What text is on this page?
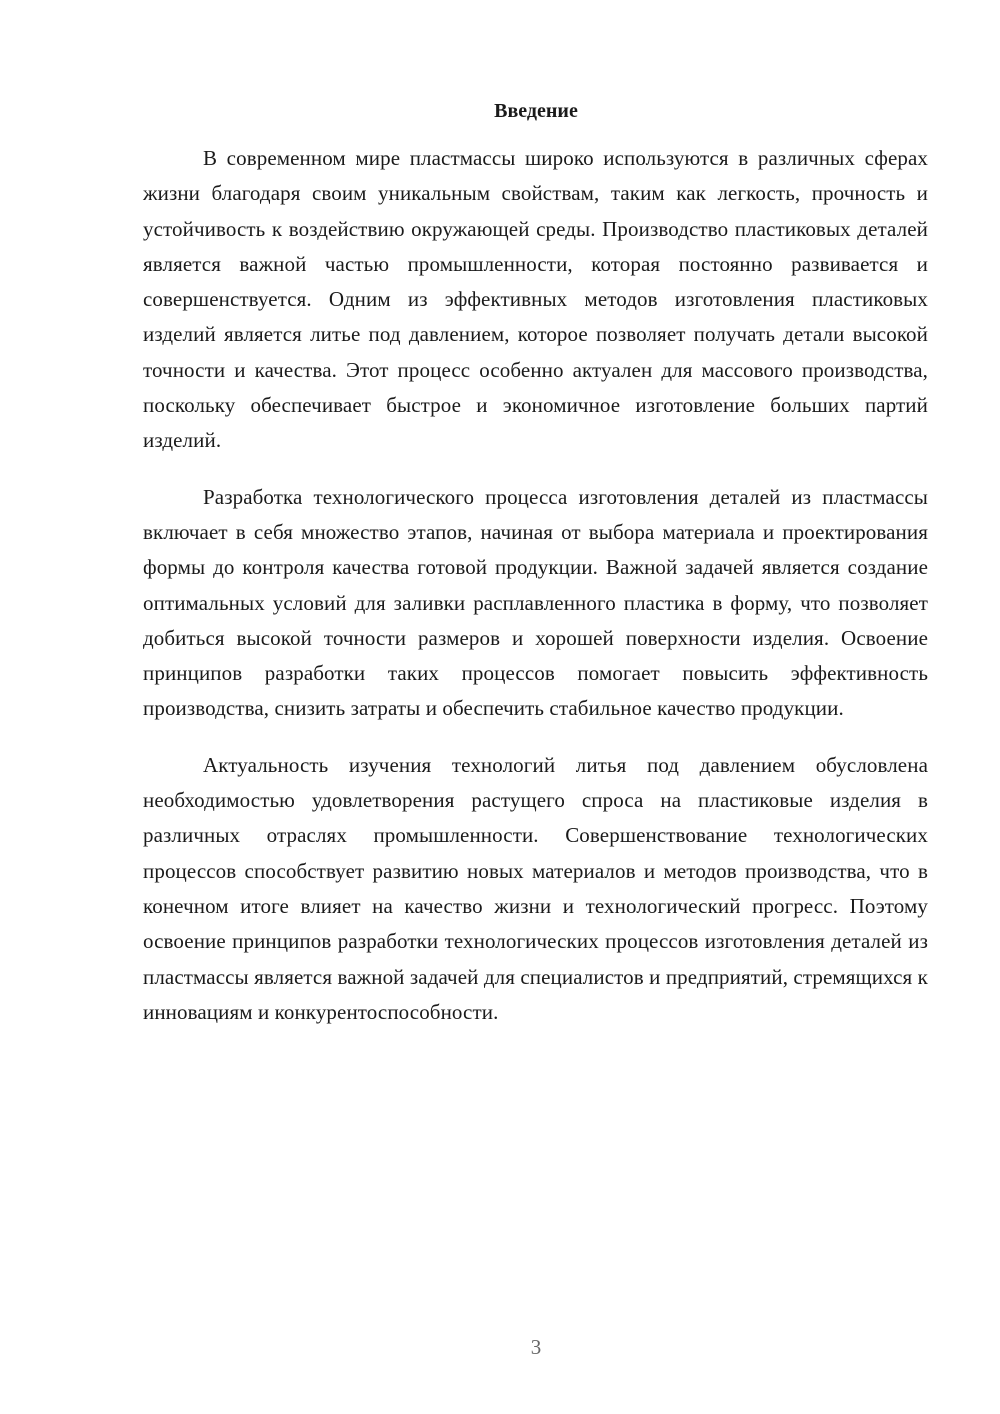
Введение

В современном мире пластмассы широко используются в различных сферах жизни благодаря своим уникальным свойствам, таким как легкость, прочность и устойчивость к воздействию окружающей среды. Производство пластиковых деталей является важной частью промышленности, которая постоянно развивается и совершенствуется. Одним из эффективных методов изготовления пластиковых изделий является литье под давлением, которое позволяет получать детали высокой точности и качества. Этот процесс особенно актуален для массового производства, поскольку обеспечивает быстрое и экономичное изготовление больших партий изделий.

Разработка технологического процесса изготовления деталей из пластмассы включает в себя множество этапов, начиная от выбора материала и проектирования формы до контроля качества готовой продукции. Важной задачей является создание оптимальных условий для заливки расплавленного пластика в форму, что позволяет добиться высокой точности размеров и хорошей поверхности изделия. Освоение принципов разработки таких процессов помогает повысить эффективность производства, снизить затраты и обеспечить стабильное качество продукции.

Актуальность изучения технологий литья под давлением обусловлена необходимостью удовлетворения растущего спроса на пластиковые изделия в различных отраслях промышленности. Совершенствование технологических процессов способствует развитию новых материалов и методов производства, что в конечном итоге влияет на качество жизни и технологический прогресс. Поэтому освоение принципов разработки технологических процессов изготовления деталей из пластмассы является важной задачей для специалистов и предприятий, стремящихся к инновациям и конкурентоспособности.

3
